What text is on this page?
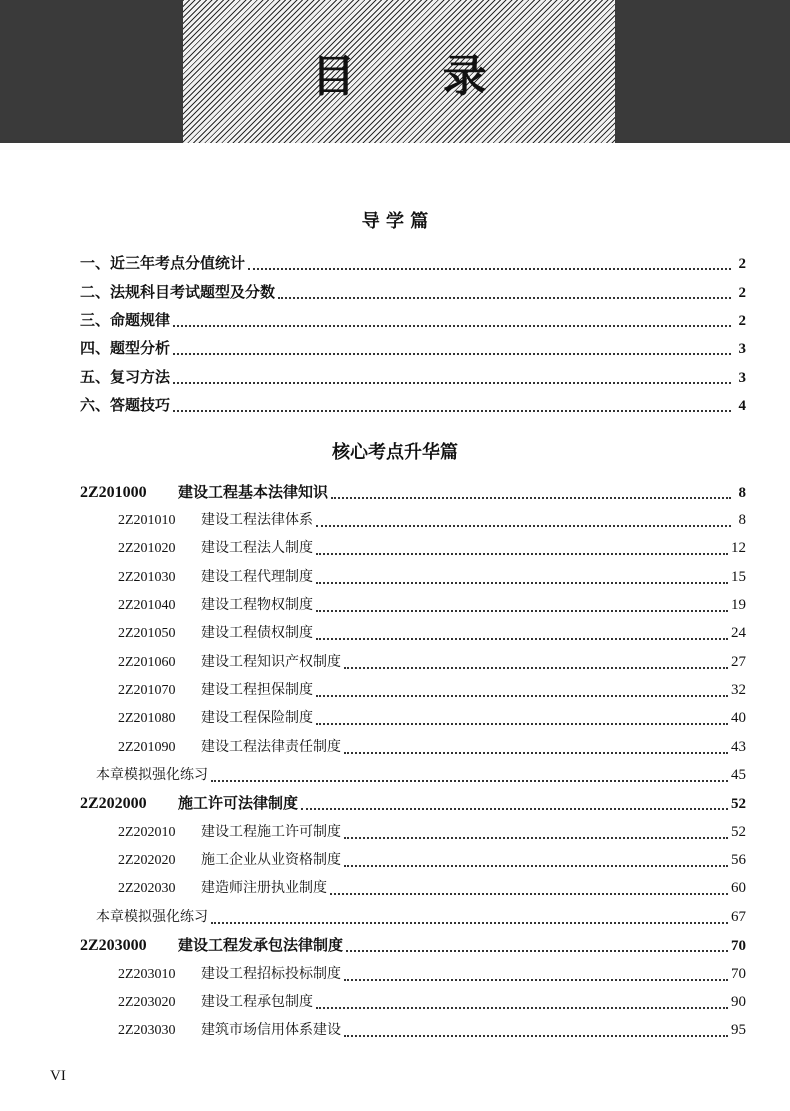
目 录
导 学 篇
一、近三年考点分值统计	2
二、法规科目考试题型及分数	2
三、命题规律	2
四、题型分析	3
五、复习方法	3
六、答题技巧	4
核心考点升华篇
2Z201000	建设工程基本法律知识	8
2Z201010	建设工程法律体系	8
2Z201020	建设工程法人制度	12
2Z201030	建设工程代理制度	15
2Z201040	建设工程物权制度	19
2Z201050	建设工程债权制度	24
2Z201060	建设工程知识产权制度	27
2Z201070	建设工程担保制度	32
2Z201080	建设工程保险制度	40
2Z201090	建设工程法律责任制度	43
本章模拟强化练习	45
2Z202000	施工许可法律制度	52
2Z202010	建设工程施工许可制度	52
2Z202020	施工企业从业资格制度	56
2Z202030	建造师注册执业制度	60
本章模拟强化练习	67
2Z203000	建设工程发承包法律制度	70
2Z203010	建设工程招标投标制度	70
2Z203020	建设工程承包制度	90
2Z203030	建筑市场信用体系建设	95
VI
